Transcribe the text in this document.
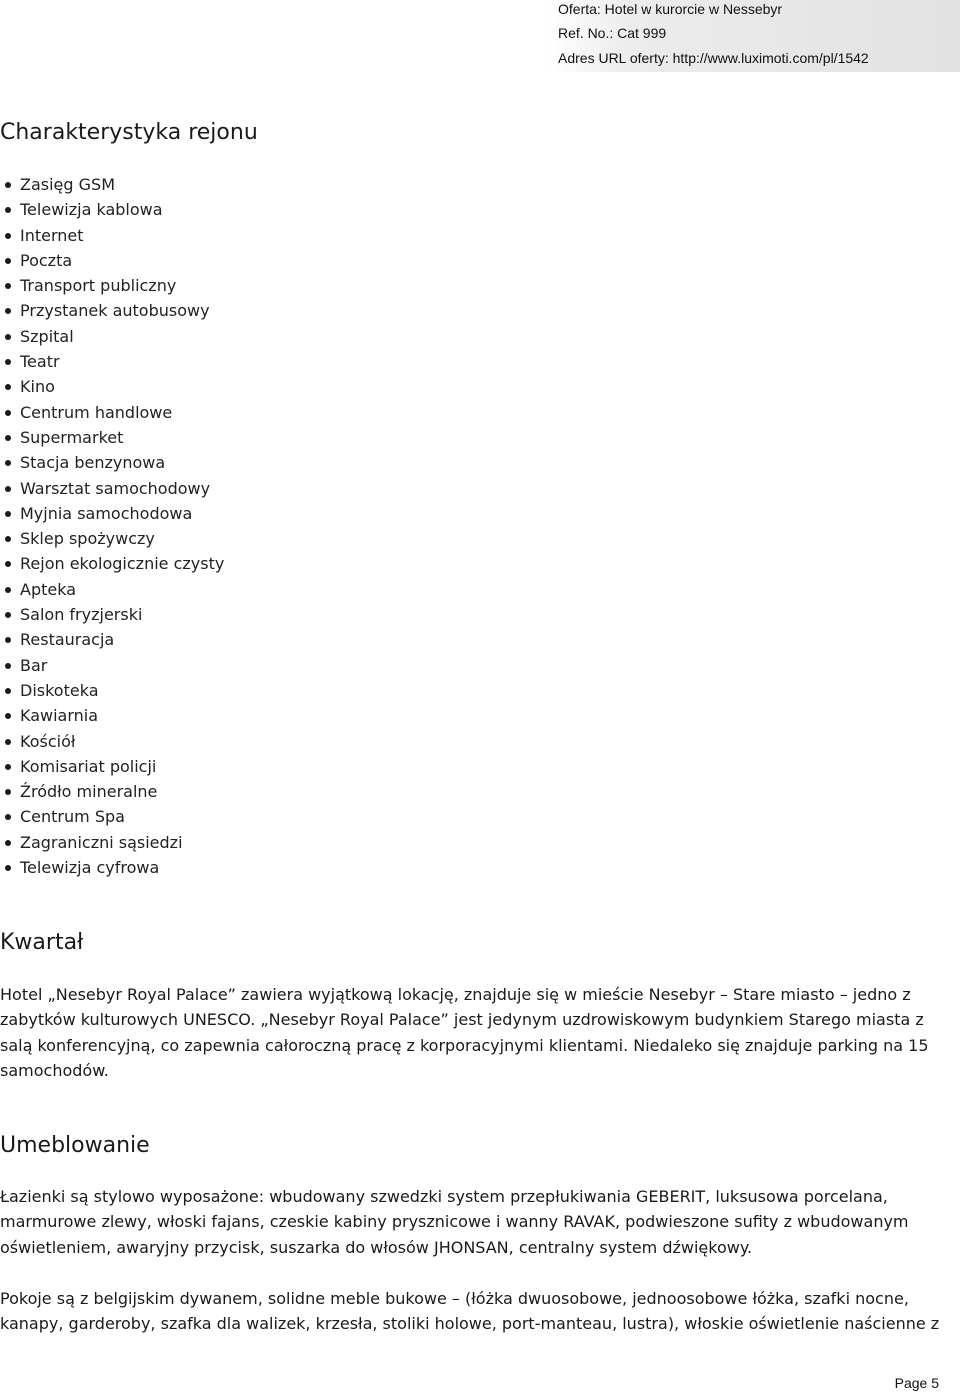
Oferta: Hotel w kurorcie w Nessebyr
Ref. No.: Cat 999
Adres URL oferty: http://www.luximoti.com/pl/1542
Charakterystyka rejonu
Zasięg GSM
Telewizja kablowa
Internet
Poczta
Transport publiczny
Przystanek autobusowy
Szpital
Teatr
Kino
Centrum handlowe
Supermarket
Stacja benzynowa
Warsztat samochodowy
Myjnia samochodowa
Sklep spożywczy
Rejon ekologicznie czysty
Apteka
Salon fryzjerski
Restauracja
Bar
Diskoteka
Kawiarnia
Kościół
Komisariat policji
Źródło mineralne
Centrum Spa
Zagraniczni sąsiedzi
Telewizja cyfrowa
Kwartał

Hotel „Nesebyr Royal Palace” zawiera wyjątkową lokację, znajduje się w mieście Nesebyr – Stare miasto – jedno z zabytków kulturowych UNESCO. „Nesebyr Royal Palace” jest jedynym uzdrowiskowym budynkiem Starego miasta z salą konferencyjną, co zapewnia całoroczną pracę z korporacyjnymi klientami. Niedaleko się znajduje parking na 15 samochodów.

Umeblowanie

Łazienki są stylowo wyposażone: wbudowany szwedzki system przepłukiwania GEBERIT, luksusowa porcelana, marmurowe zlewy, włoski fajans, czeskie kabiny prysznicowe i wanny RAVAK, podwieszone sufity z wbudowanym oświetleniem, awaryjny przycisk, suszarka do włosów JHONSAN, centralny system dźwiękowy.

Pokoje są z belgijskim dywanem, solidne meble bukowe – (łóżka dwuosobowe, jednoosobowe łóżka, szafki nocne, kanapy, garderoby, szafka dla walizek, krzesła, stoliki holowe, port-manteau, lustra), włoskie oświetlenie naścienne z

Page 5
